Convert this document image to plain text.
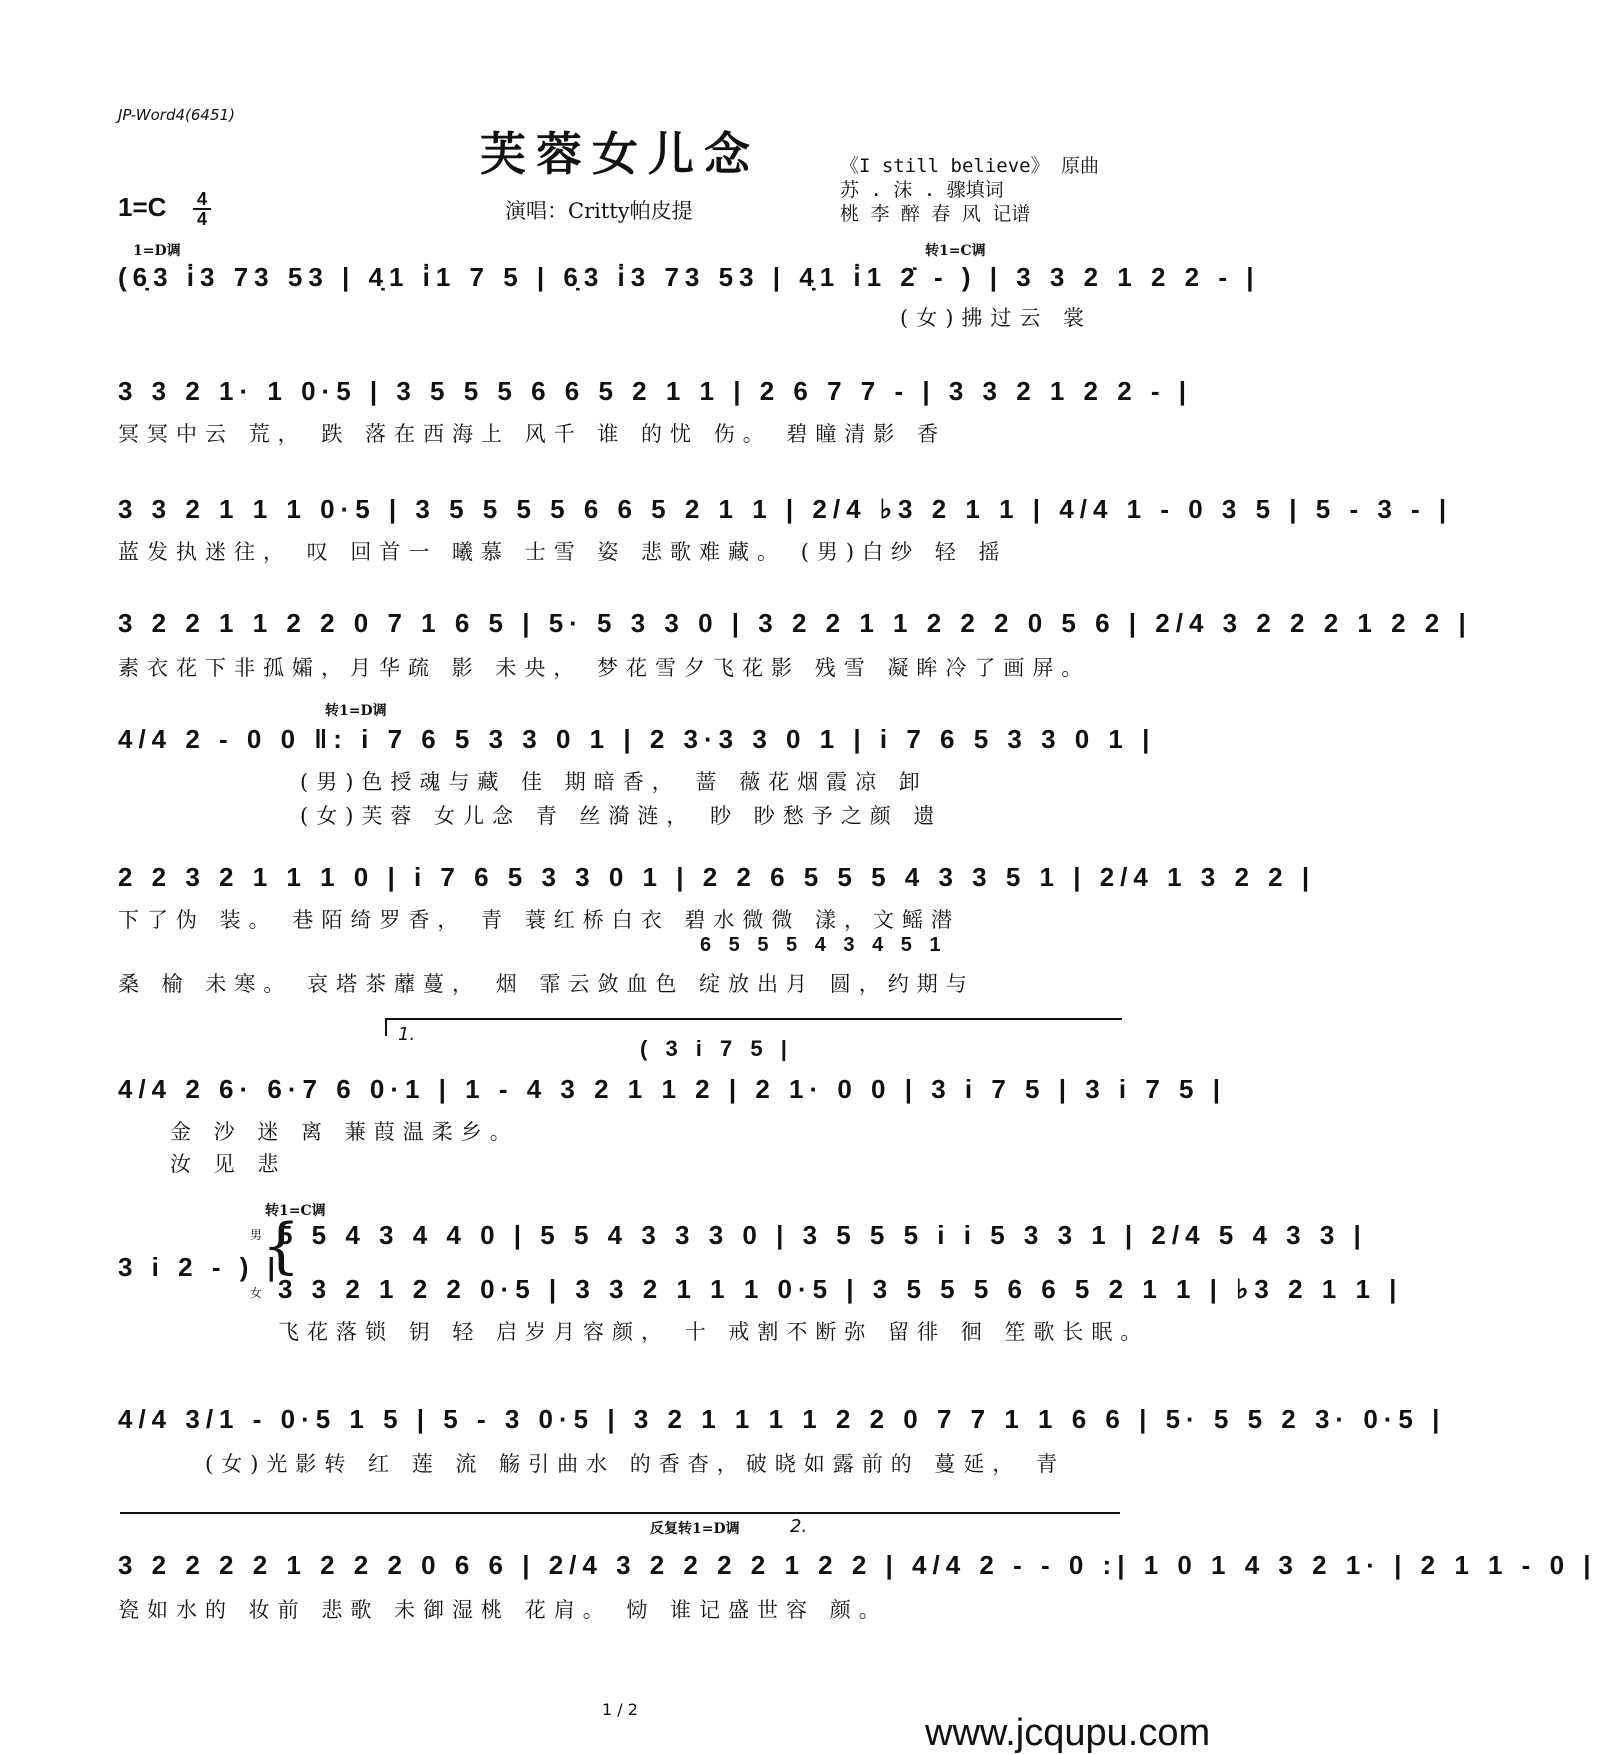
JP-Word4(6451)
芙蓉女儿念
$1=C \frac{4}{4}$	演唱：Critty帕皮提
《I still believe》 原曲
苏 . 沫 . 骤填词
桃 李 醉 春 风 记谱
1=D调	转1=C调
(6̣3 i̇3 73 53 | 4̣1 i̇1 7 5 | 6̣3 i̇3 73 53 | 4̣1 i̇1 2̇ - ) | 3 3 2 1 2 2 - |
(女)拂过云 裳
3 3 2 1· 1 0·5 | 3 5 5 5 6 6 5 2 1 1 | 2 6 7 7 - | 3 3 2 1 2 2 - |
冥冥中云 荒， 跌 落在西海上 风千 谁 的忧 伤。 碧瞳清影 香
3 3 2 1 1 1 0·5 | 3 5 5 5 5 6 6 5 2 1 1 | 2/4 ♭3 2 1 1 | 4/4 1 - 0 3 5 | 5 - 3 - |
蓝发执迷往， 叹 回首一 曦慕 士雪 姿 悲歌难藏。 (男)白纱 轻 摇
3 2 2 1 1 2 2 0 7 1 6 5 | 5· 5 3 3 0 | 3 2 2 1 1 2 2 2 0 5 6 | 2/4 3 2 2 2 1 2 2 |
素衣花下非孤孀，月华疏 影 未央， 梦花雪夕飞花影 残雪 凝眸冷了画屏。
转1=D调
4/4 2 - 0 0 ‖: i 7 6 5 3 3 0 1 | 2 3·3 3 0 1 | i 7 6 5 3 3 0 1 |
(男)色授魂与藏 佳 期暗香， 蔷 薇花烟霞凉 卸
(女)芙蓉 女儿念 青 丝漪涟， 眇 眇愁予之颜 遗
2 2 3 2 1 1 1 0 | i 7 6 5 3 3 0 1 | 2 2 6 5 5 5 4 3 3 5 1 | 2/4 1 3 2 2 |
下了伪 装。 巷陌绮罗香， 青 蓑红桥白衣 碧水微微 漾，文鳐潜
6 5 5 5 4 3 4 5 1
桑 榆 未寒。 哀塔茶蘼蔓， 烟 霏云敛血色 绽放出月 圆，约期与
1.
( 3 i 7 5 |
4/4 2 6· 6·7 6 0·1 | 1 - 4 3 2 1 1 2 | 2 1· 0 0 | 3 i 7 5 | 3 i 7 5 |
金 沙 迷 离 蒹葭温柔乡。
汝 见 悲
转1=C调
3 i 2 - ) |
男
女
{
5 5 4 3 4 4 0 | 5 5 4 3 3 3 0 | 3 5 5 5 i i 5 3 3 1 | 2/4 5 4 3 3 |
3 3 2 1 2 2 0·5 | 3 3 2 1 1 1 0·5 | 3 5 5 5 6 6 5 2 1 1 | ♭3 2 1 1 |
飞花落锁 钥 轻 启岁月容颜， 十 戒割不断弥 留徘 徊 笙歌长眠。
4/4 3/1 - 0·5 1 5 | 5 - 3 0·5 | 3 2 1 1 1 1 2 2 0 7 7 1 1 6 6 | 5· 5 5 2 3· 0·5 |
(女)光影转 红 莲 流 觞引曲水 的香杳，破晓如露前的 蔓延， 青
反复转1=D调	2.
3 2 2 2 2 1 2 2 2 0 6 6 | 2/4 3 2 2 2 2 1 2 2 | 4/4 2 - - 0 :| 1 0 1 4 3 2 1· | 2 1 1 - 0 |
瓷如水的 妆前 悲歌 未御湿桃 花肩。 恸 谁记盛世容 颜。
1 / 2
www.jcqupu.com
